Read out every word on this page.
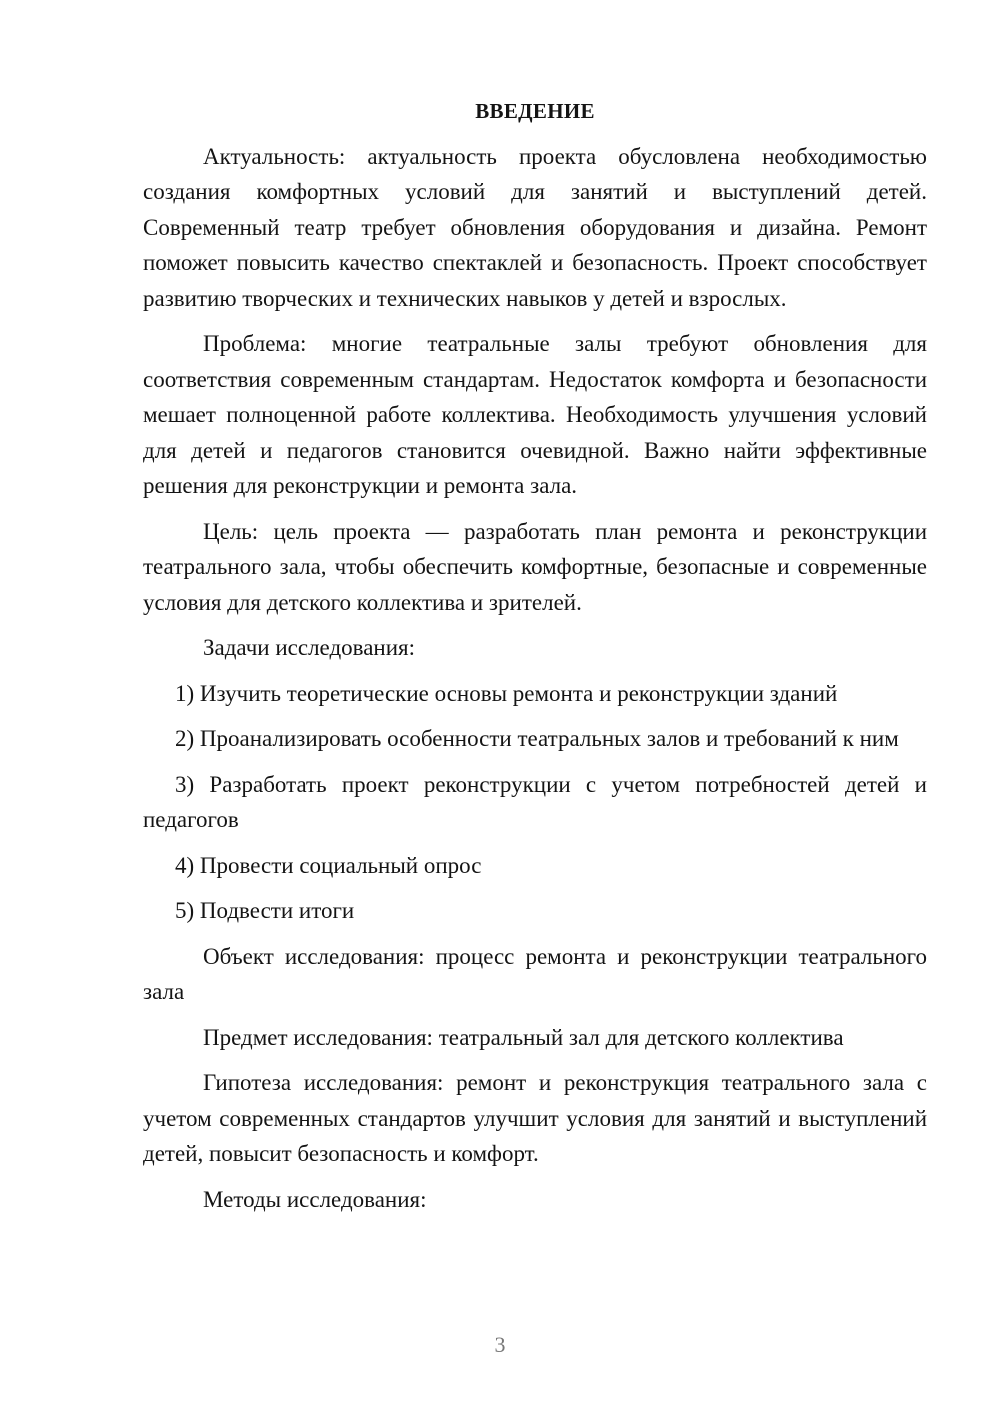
ВВЕДЕНИЕ

Актуальность: актуальность проекта обусловлена необходимостью создания комфортных условий для занятий и выступлений детей. Современный театр требует обновления оборудования и дизайна. Ремонт поможет повысить качество спектаклей и безопасность. Проект способствует развитию творческих и технических навыков у детей и взрослых.

Проблема: многие театральные залы требуют обновления для соответствия современным стандартам. Недостаток комфорта и безопасности мешает полноценной работе коллектива. Необходимость улучшения условий для детей и педагогов становится очевидной. Важно найти эффективные решения для реконструкции и ремонта зала.

Цель: цель проекта — разработать план ремонта и реконструкции театрального зала, чтобы обеспечить комфортные, безопасные и современные условия для детского коллектива и зрителей.

Задачи исследования:

1) Изучить теоретические основы ремонта и реконструкции зданий

2) Проанализировать особенности театральных залов и требований к ним

3) Разработать проект реконструкции с учетом потребностей детей и педагогов

4) Провести социальный опрос

5) Подвести итоги

Объект исследования: процесс ремонта и реконструкции театрального зала

Предмет исследования: театральный зал для детского коллектива

Гипотеза исследования: ремонт и реконструкция театрального зала с учетом современных стандартов улучшит условия для занятий и выступлений детей, повысит безопасность и комфорт.

Методы исследования:

3
